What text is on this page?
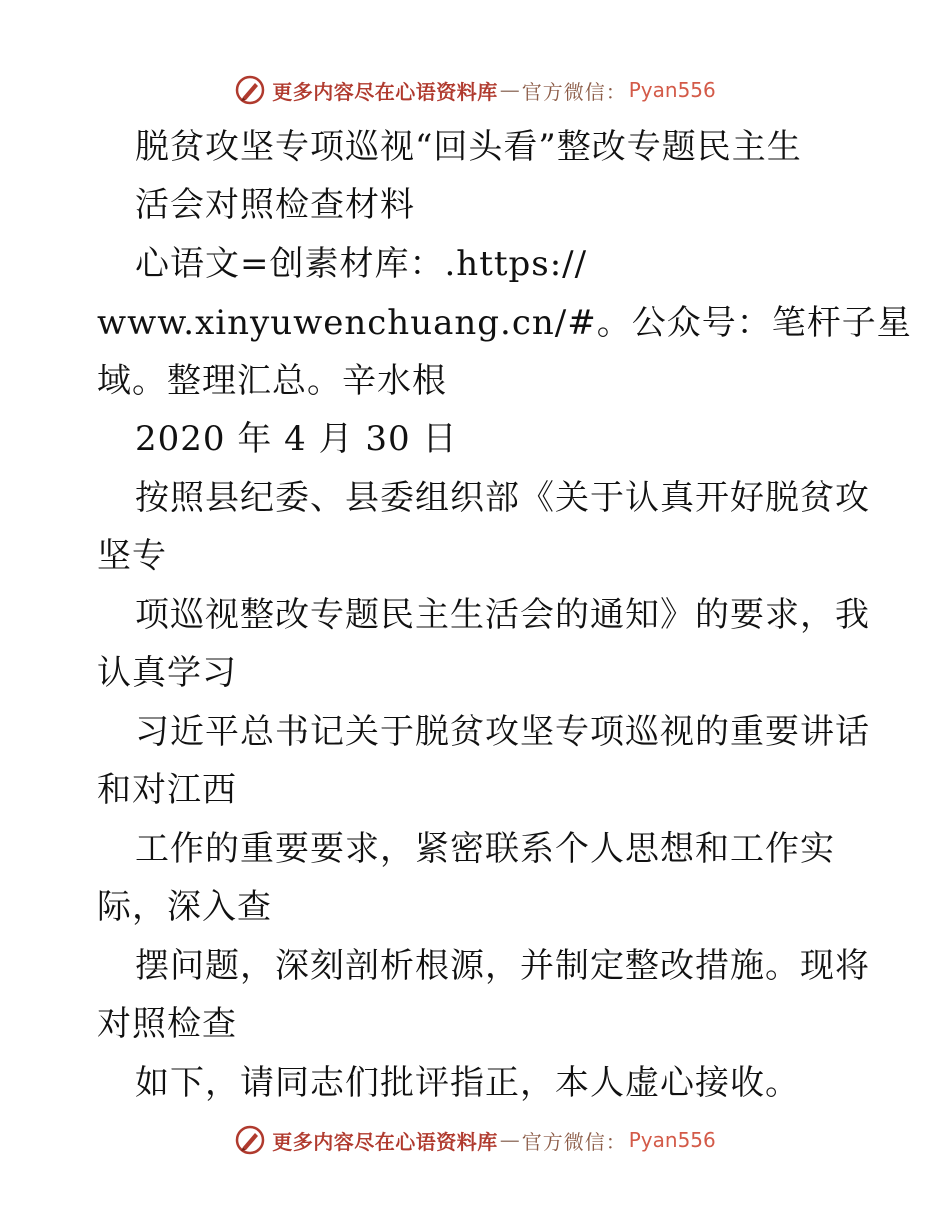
更多内容尽在心语资料库 — 官方微信： Pyan556
脱贫攻坚专项巡视“回头看”整改专题民主生
活会对照检查材料
心语文=创素材库：.https://
www.xinyuwenchuang.cn/#。公众号：笔杆子星
域。整理汇总。辛水根
2020 年 4 月 30 日
按照县纪委、县委组织部《关于认真开好脱贫攻
坚专
项巡视整改专题民主生活会的通知》的要求，我
认真学习
习近平总书记关于脱贫攻坚专项巡视的重要讲话
和对江西
工作的重要要求，紧密联系个人思想和工作实
际，深入查
摆问题，深刻剖析根源，并制定整改措施。现将
对照检查
如下，请同志们批评指正，本人虚心接收。
更多内容尽在心语资料库 — 官方微信： Pyan556
